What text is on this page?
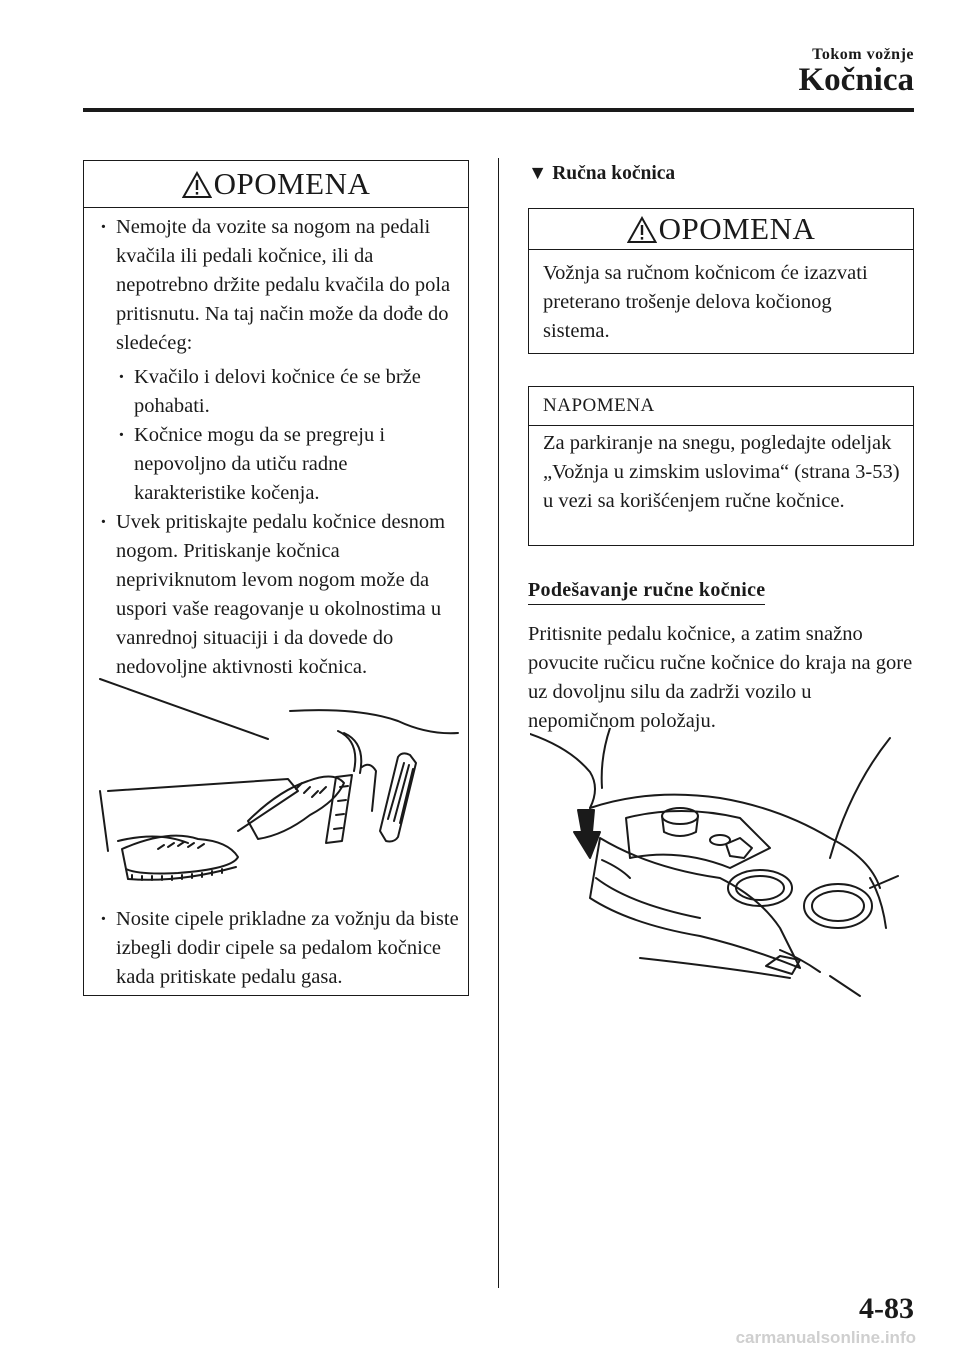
Tokom vožnje
Kočnica
OPOMENA
· Nemojte da vozite sa nogom na pedali kvačila ili pedali kočnice, ili da nepotrebno držite pedalu kvačila do pola pritisnutu. Na taj način može da dođe do sledećeg:
· Kvačilo i delovi kočnice će se brže pohabati.
· Kočnice mogu da se pregreju i nepovoljno da utiču radne karakteristike kočenja.
· Uvek pritiskajte pedalu kočnice desnom nogom. Pritiskanje kočnica nepriviknutom levom nogom može da uspori vaše reagovanje u okolnostima u vanrednoj situaciji i da dovede do nedovoljne aktivnosti kočnica.
· Nosite cipele prikladne za vožnju da biste izbegli dodir cipele sa pedalom kočnice kada pritiskate pedalu gasa.
▼ Ručna kočnica
OPOMENA
Vožnja sa ručnom kočnicom će izazvati preterano trošenje delova kočionog sistema.
NAPOMENA
Za parkiranje na snegu, pogledajte odeljak „Vožnja u zimskim uslovima“ (strana 3-53) u vezi sa korišćenjem ručne kočnice.
Podešavanje ručne kočnice
Pritisnite pedalu kočnice, a zatim snažno povucite ručicu ručne kočnice do kraja na gore uz dovoljnu silu da zadrži vozilo u nepomičnom položaju.
4-83
carmanualsonline.info
